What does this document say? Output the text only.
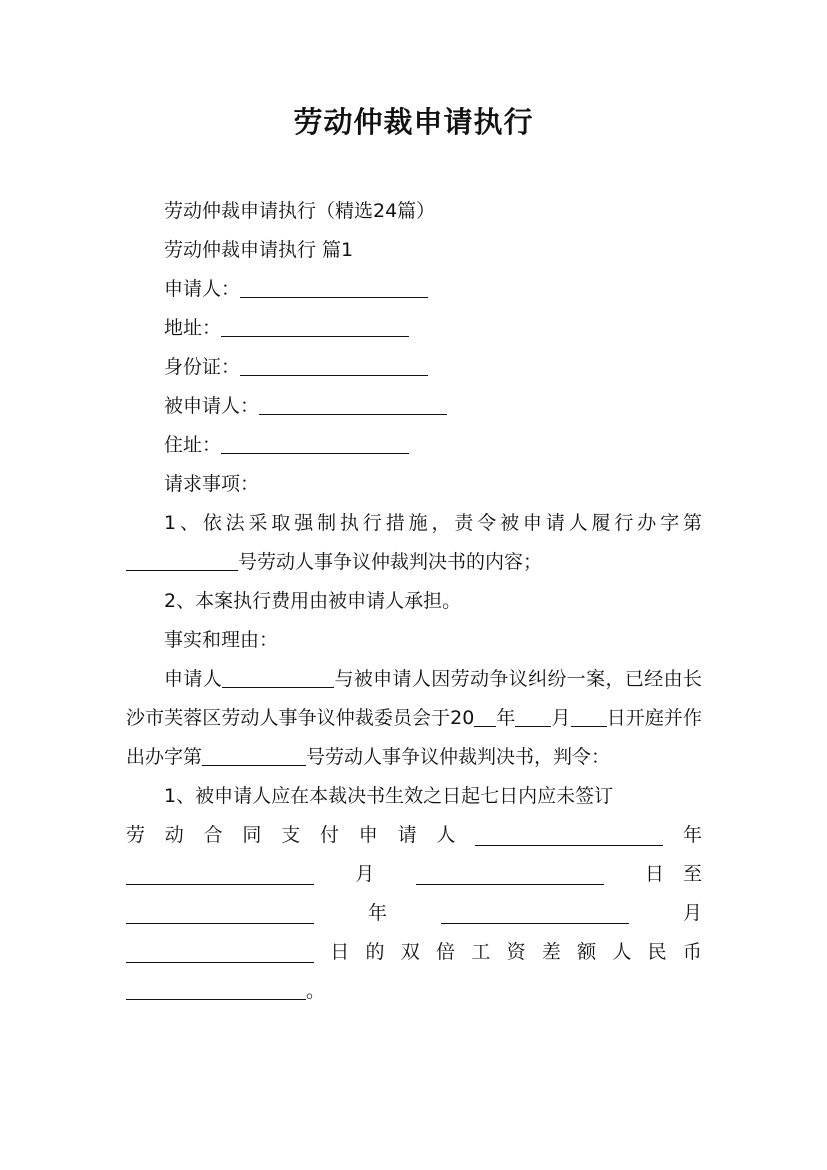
劳动仲裁申请执行

劳动仲裁申请执行（精选24篇）

劳动仲裁申请执行 篇1

申请人：

地址：

身份证：

被申请人：

住址：

请求事项：

1、依法采取强制执行措施，责令被申请人履行办字第号劳动人事争议仲裁判决书的内容；

2、本案执行费用由被申请人承担。

事实和理由：

申请人	与被申请人因劳动争议纠纷一案，已经由长沙市芙蓉区劳动人事争议仲裁委员会于20 年 月 日开庭并作出办字第	号劳动人事争议仲裁判决书，判令：

1、被申请人应在本裁决书生效之日起七日内应未签订

劳 动 合 同 支 付 申 请 人	年
月	日　至
年	月
日 的 双 倍 工 资 差 额 人 民 币

。
